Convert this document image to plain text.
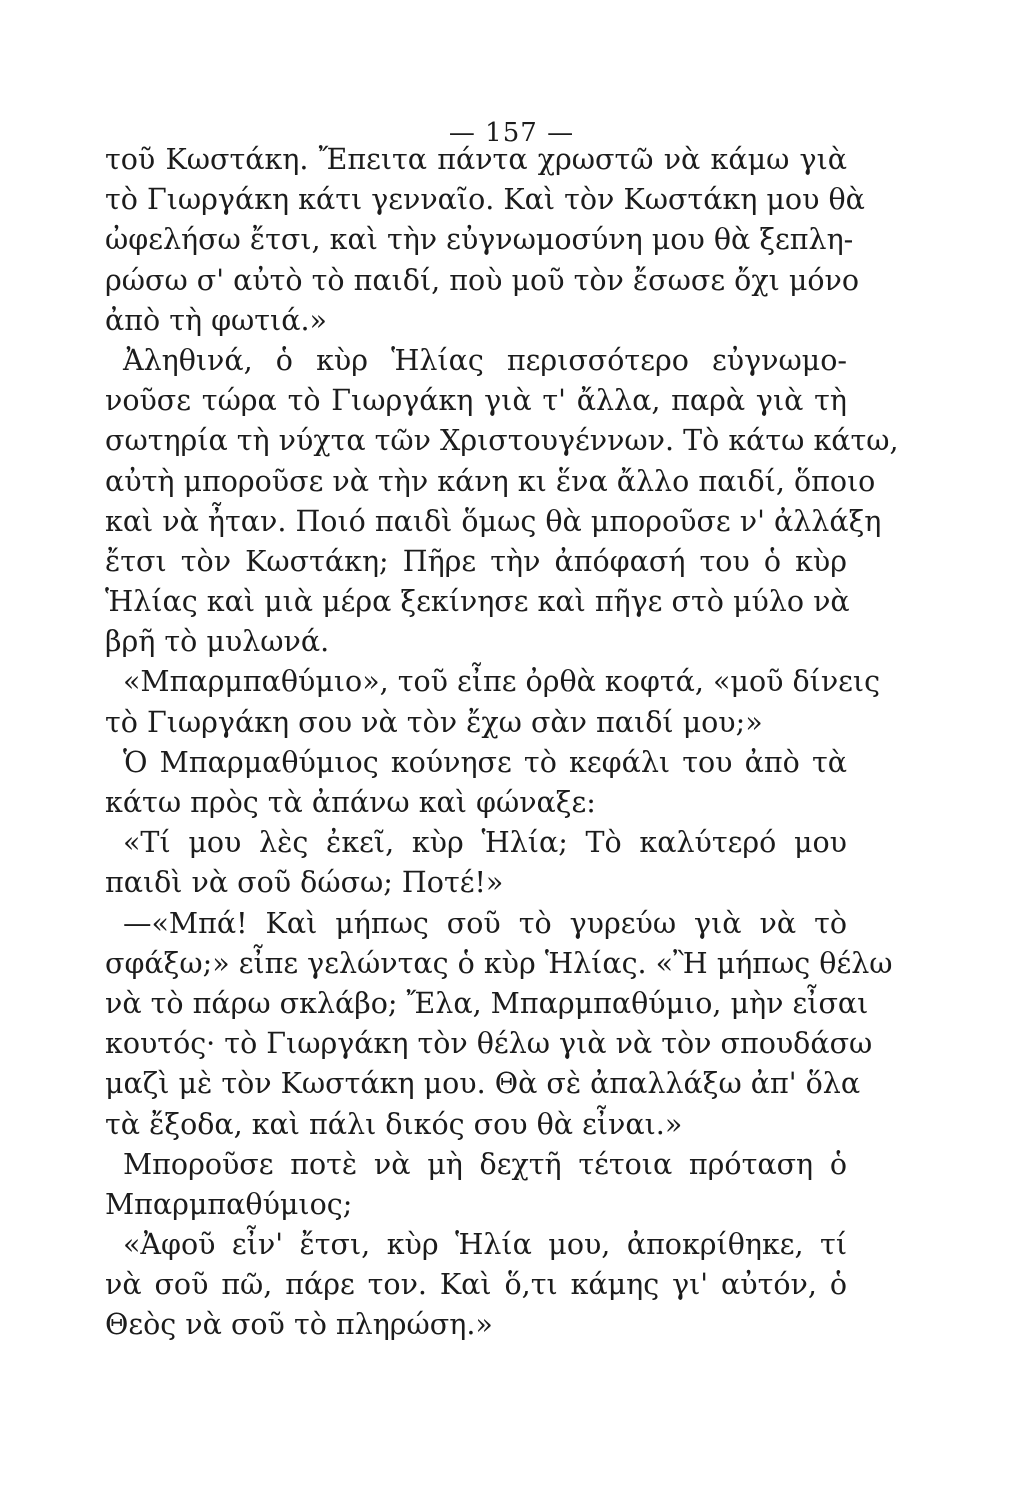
— 157 —
τοῦ Κωστάκη. Ἔπειτα πάντα χρωστῶ νὰ κάμω γιὰ
τὸ Γιωργάκη κάτι γενναῖο. Καὶ τὸν Κωστάκη μου θὰ
ὠφελήσω ἔτσι, καὶ τὴν εὐγνωμοσύνη μου θὰ ξεπλη-
ρώσω σ' αὐτὸ τὸ παιδί, ποὺ μοῦ τὸν ἔσωσε ὄχι μόνο
ἀπὸ τὴ φωτιά.»
Ἀληθινά, ὁ κὺρ Ἡλίας περισσότερο εὐγνωμο-
νοῦσε τώρα τὸ Γιωργάκη γιὰ τ' ἄλλα, παρὰ γιὰ τὴ
σωτηρία τὴ νύχτα τῶν Χριστουγέννων. Τὸ κάτω κάτω,
αὐτὴ μποροῦσε νὰ τὴν κάνη κι ἕνα ἄλλο παιδί, ὅποιο
καὶ νὰ ἦταν. Ποιό παιδὶ ὅμως θὰ μποροῦσε ν' ἀλλάξη
ἔτσι τὸν Κωστάκη; Πῆρε τὴν ἀπόφασή του ὁ κὺρ
Ἡλίας καὶ μιὰ μέρα ξεκίνησε καὶ πῆγε στὸ μύλο νὰ
βρῆ τὸ μυλωνά.
«Μπαρμπαθύμιο», τοῦ εἶπε ὀρθὰ κοφτά, «μοῦ δίνεις
τὸ Γιωργάκη σου νὰ τὸν ἔχω σὰν παιδί μου;»
Ὁ Μπαρμαθύμιος κούνησε τὸ κεφάλι του ἀπὸ τὰ
κάτω πρὸς τὰ ἀπάνω καὶ φώναξε:
«Τί μου λὲς ἐκεῖ, κὺρ Ἡλία; Τὸ καλύτερό μου
παιδὶ νὰ σοῦ δώσω; Ποτέ!»
—«Μπά! Καὶ μήπως σοῦ τὸ γυρεύω γιὰ νὰ τὸ
σφάξω;» εἶπε γελώντας ὁ κὺρ Ἡλίας. «Ἢ μήπως θέλω
νὰ τὸ πάρω σκλάβο; Ἔλα, Μπαρμπαθύμιο, μὴν εἶσαι
κουτός· τὸ Γιωργάκη τὸν θέλω γιὰ νὰ τὸν σπουδάσω
μαζὶ μὲ τὸν Κωστάκη μου. Θὰ σὲ ἀπαλλάξω ἀπ' ὅλα
τὰ ἔξοδα, καὶ πάλι δικός σου θὰ εἶναι.»
Μποροῦσε ποτὲ νὰ μὴ δεχτῆ τέτοια πρόταση ὁ
Μπαρμπαθύμιος;
«Ἀφοῦ εἶν' ἔτσι, κὺρ Ἡλία μου, ἀποκρίθηκε, τί
νὰ σοῦ πῶ, πάρε τον. Καὶ ὅ,τι κάμης γι' αὐτόν, ὁ
Θεὸς νὰ σοῦ τὸ πληρώση.»
